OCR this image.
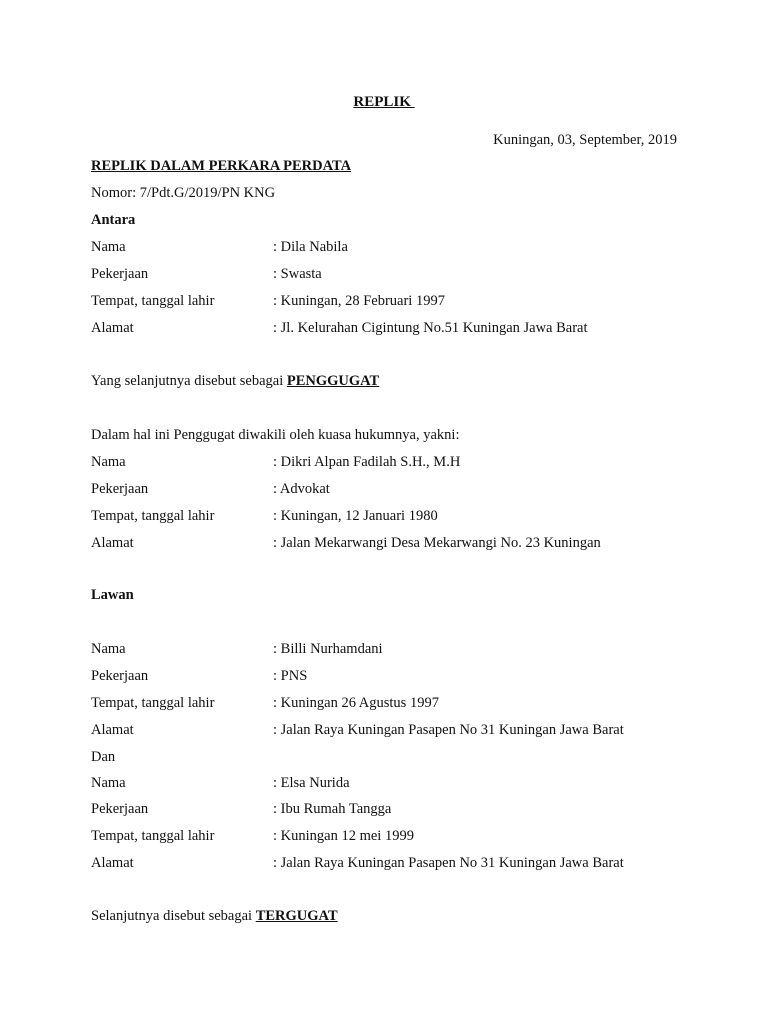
REPLIK
Kuningan, 03, September, 2019
REPLIK DALAM PERKARA PERDATA
Nomor: 7/Pdt.G/2019/PN KNG
Antara
Nama	: Dila Nabila
Pekerjaan	: Swasta
Tempat, tanggal lahir	: Kuningan, 28 Februari 1997
Alamat	: Jl. Kelurahan Cigintung No.51 Kuningan Jawa Barat
Yang selanjutnya disebut sebagai PENGGUGAT
Dalam hal ini Penggugat diwakili oleh kuasa hukumnya, yakni:
Nama	: Dikri Alpan Fadilah S.H., M.H
Pekerjaan	: Advokat
Tempat, tanggal lahir	: Kuningan, 12 Januari 1980
Alamat	: Jalan Mekarwangi Desa Mekarwangi No. 23 Kuningan
Lawan
Nama	: Billi Nurhamdani
Pekerjaan	: PNS
Tempat, tanggal lahir	: Kuningan 26 Agustus 1997
Alamat	: Jalan Raya Kuningan Pasapen No 31 Kuningan Jawa Barat
Dan
Nama	: Elsa Nurida
Pekerjaan	: Ibu Rumah Tangga
Tempat, tanggal lahir	: Kuningan 12 mei 1999
Alamat	: Jalan Raya Kuningan Pasapen No 31 Kuningan Jawa Barat
Selanjutnya disebut sebagai TERGUGAT
